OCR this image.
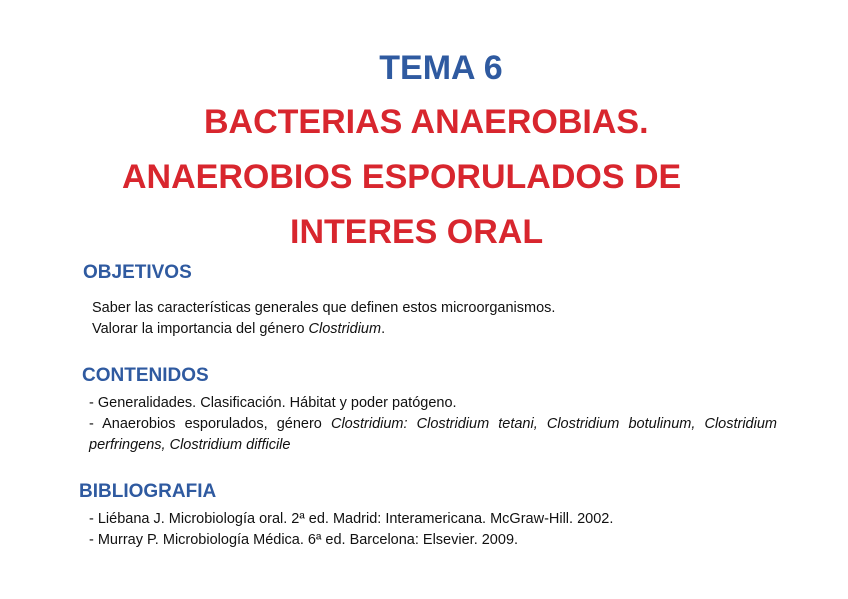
TEMA 6
BACTERIAS ANAEROBIAS.
ANAEROBIOS ESPORULADOS DE
INTERES ORAL
OBJETIVOS
Saber las características generales que definen estos microorganismos.
Valorar la importancia del género Clostridium.
CONTENIDOS
- Generalidades. Clasificación. Hábitat y poder patógeno.
- Anaerobios esporulados, género Clostridium: Clostridium tetani, Clostridium botulinum, Clostridium perfringens, Clostridium difficile
BIBLIOGRAFIA
- Liébana J. Microbiología oral. 2ª ed. Madrid: Interamericana. McGraw-Hill. 2002.
- Murray P. Microbiología Médica. 6ª ed. Barcelona: Elsevier. 2009.
